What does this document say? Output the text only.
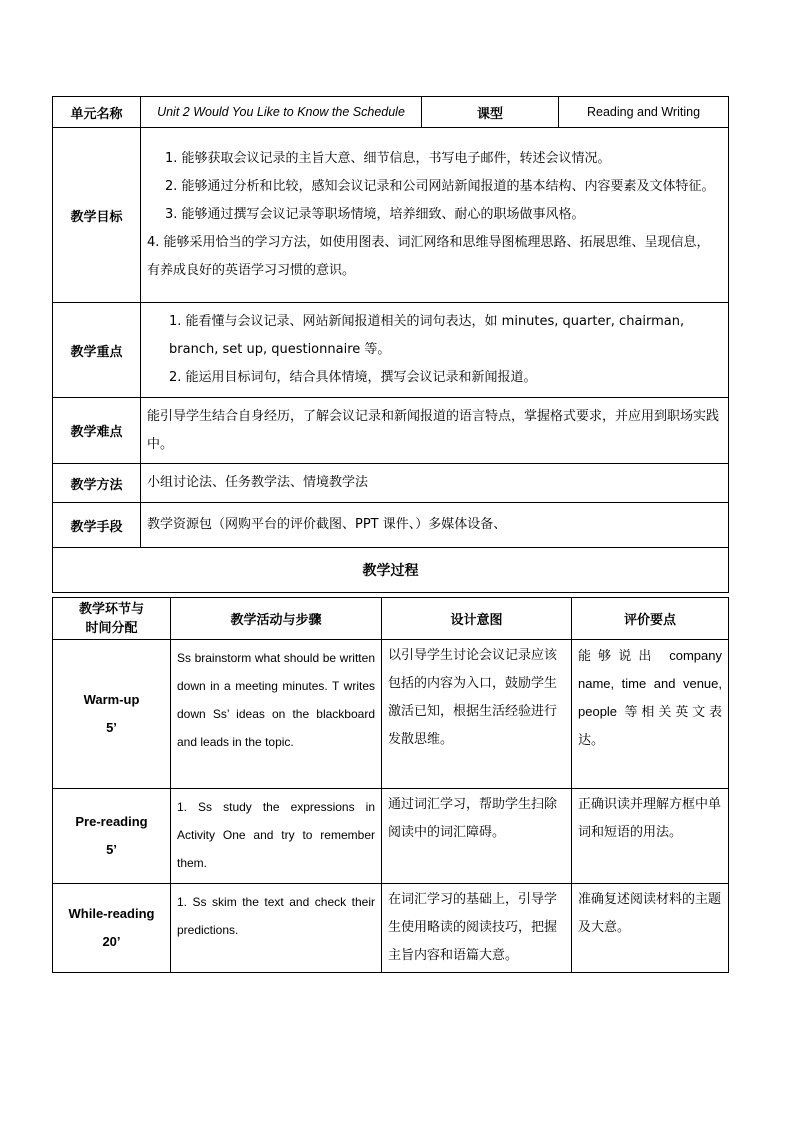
单元名称	Unit 2 Would You Like to Know the Schedule	课型	Reading and Writing
教学目标	1. 能够获取会议记录的主旨大意、细节信息，书写电子邮件，转述会议情况。

2. 能够通过分析和比较，感知会议记录和公司网站新闻报道的基本结构、内容要素及文体特征。

3. 能够通过撰写会议记录等职场情境，培养细致、耐心的职场做事风格。

4. 能够采用恰当的学习方法，如使用图表、词汇网络和思维导图梳理思路、拓展思维、呈现信息，有养成良好的英语学习习惯的意识。		

教学重点	1. 能看懂与会议记录、网站新闻报道相关的词句表达，如 minutes, quarter, chairman, branch, set up, questionnaire 等。

2. 能运用目标词句，结合具体情境，撰写会议记录和新闻报道。		

教学难点	能引导学生结合自身经历，了解会议记录和新闻报道的语言特点，掌握格式要求，并应用到职场实践中。		
教学方法	小组讨论法、任务教学法、情境教学法		
教学手段	教学资源包（网购平台的评价截图、PPT 课件、）多媒体设备、		
教学过程			
教学环节与
时间分配	教学活动与步骤	设计意图	评价要点

Warm-up
5’	Ss brainstorm what should be written down in a meeting minutes. T writes down Ss’ ideas on the blackboard and leads in the topic.	以引导学生讨论会议记录应该包括的内容为入口，鼓励学生激活已知，根据生活经验进行发散思维。	能够说出 company name, time and venue, people 等相关英文表达。

Pre-reading
5’	1. Ss study the expressions in Activity One and try to remember them.	通过词汇学习，帮助学生扫除阅读中的词汇障碍。	正确识读并理解方框中单词和短语的用法。

While-reading
20’	1. Ss skim the text and check their predictions.	在词汇学习的基础上，引导学生使用略读的阅读技巧，把握主旨内容和语篇大意。	准确复述阅读材料的主题及大意。
